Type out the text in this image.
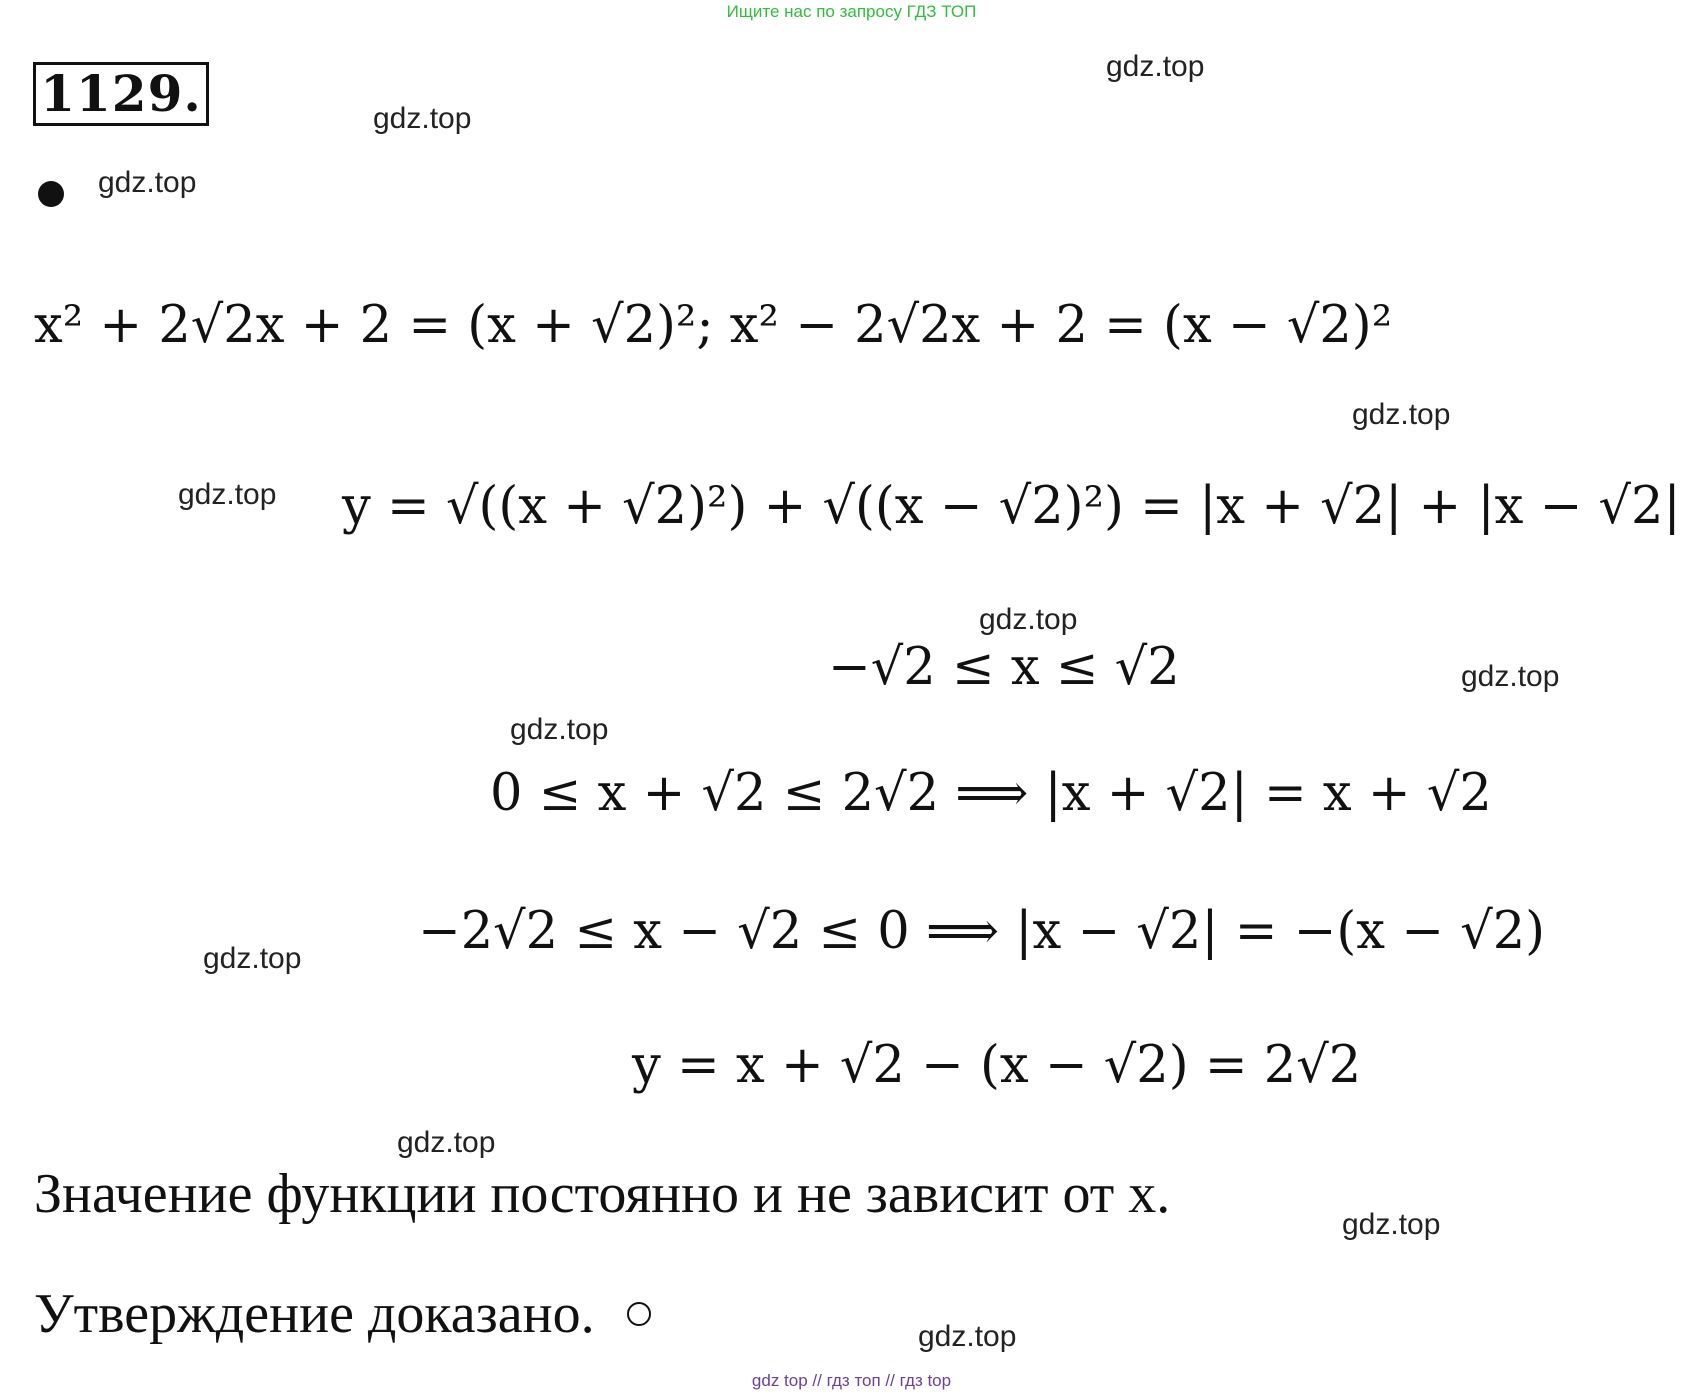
Ищите нас по запросу ГДЗ ТОП
1129.	gdz.top
gdz.top
gdz.top
gdz.top
gdz.top
gdz.top
gdz.top
gdz.top
gdz.top
gdz.top
gdz.top
gdz.top
x² + 2√2x + 2 = (x + √2)²; x² − 2√2x + 2 = (x − √2)²
y = √((x + √2)²) + √((x − √2)²) = |x + √2| + |x − √2|
−√2 ≤ x ≤ √2
0 ≤ x + √2 ≤ 2√2 ⟹ |x + √2| = x + √2
−2√2 ≤ x − √2 ≤ 0 ⟹ |x − √2| = −(x − √2)
y = x + √2 − (x − √2) = 2√2
Значение функции постоянно и не зависит от x.
Утверждение доказано.
gdz top // гдз топ // гдз top
